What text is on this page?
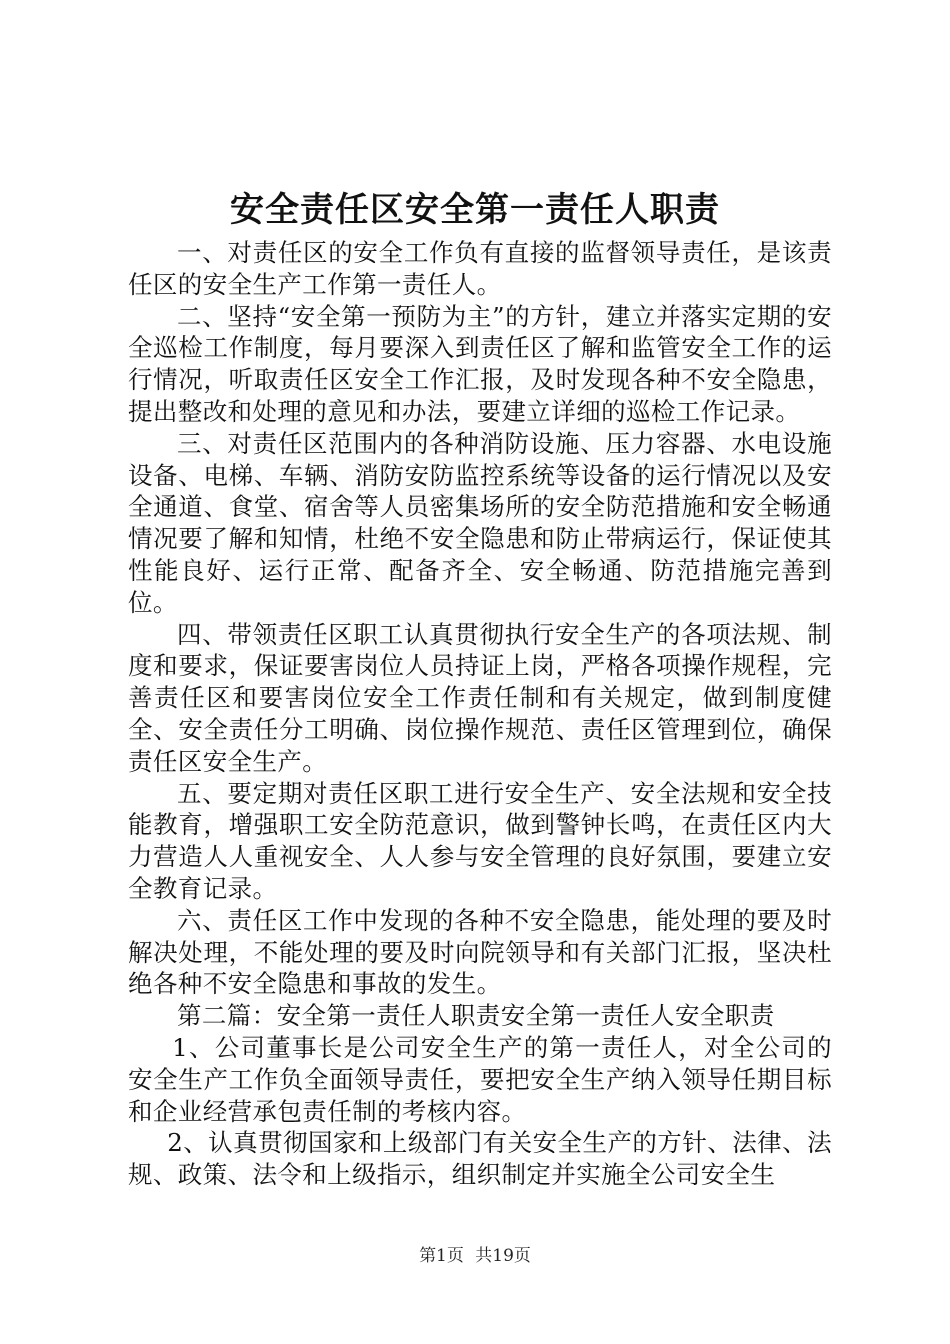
安全责任区安全第一责任人职责

一、对责任区的安全工作负有直接的监督领导责任，是该责任区的安全生产工作第一责任人。

二、坚持“安全第一预防为主”的方针，建立并落实定期的安全巡检工作制度，每月要深入到责任区了解和监管安全工作的运行情况，听取责任区安全工作汇报，及时发现各种不安全隐患，提出整改和处理的意见和办法，要建立详细的巡检工作记录。

三、对责任区范围内的各种消防设施、压力容器、水电设施设备、电梯、车辆、消防安防监控系统等设备的运行情况以及安全通道、食堂、宿舍等人员密集场所的安全防范措施和安全畅通情况要了解和知情，杜绝不安全隐患和防止带病运行，保证使其性能良好、运行正常、配备齐全、安全畅通、防范措施完善到位。

四、带领责任区职工认真贯彻执行安全生产的各项法规、制度和要求，保证要害岗位人员持证上岗，严格各项操作规程，完善责任区和要害岗位安全工作责任制和有关规定，做到制度健全、安全责任分工明确、岗位操作规范、责任区管理到位，确保责任区安全生产。

五、要定期对责任区职工进行安全生产、安全法规和安全技能教育，增强职工安全防范意识，做到警钟长鸣，在责任区内大力营造人人重视安全、人人参与安全管理的良好氛围，要建立安全教育记录。

六、责任区工作中发现的各种不安全隐患，能处理的要及时解决处理，不能处理的要及时向院领导和有关部门汇报，坚决杜绝各种不安全隐患和事故的发生。

第二篇：安全第一责任人职责安全第一责任人安全职责

1、公司董事长是公司安全生产的第一责任人，对全公司的安全生产工作负全面领导责任，要把安全生产纳入领导任期目标和企业经营承包责任制的考核内容。

2、认真贯彻国家和上级部门有关安全生产的方针、法律、法规、政策、法令和上级指示，组织制定并实施全公司安全生

第1页 共19页
